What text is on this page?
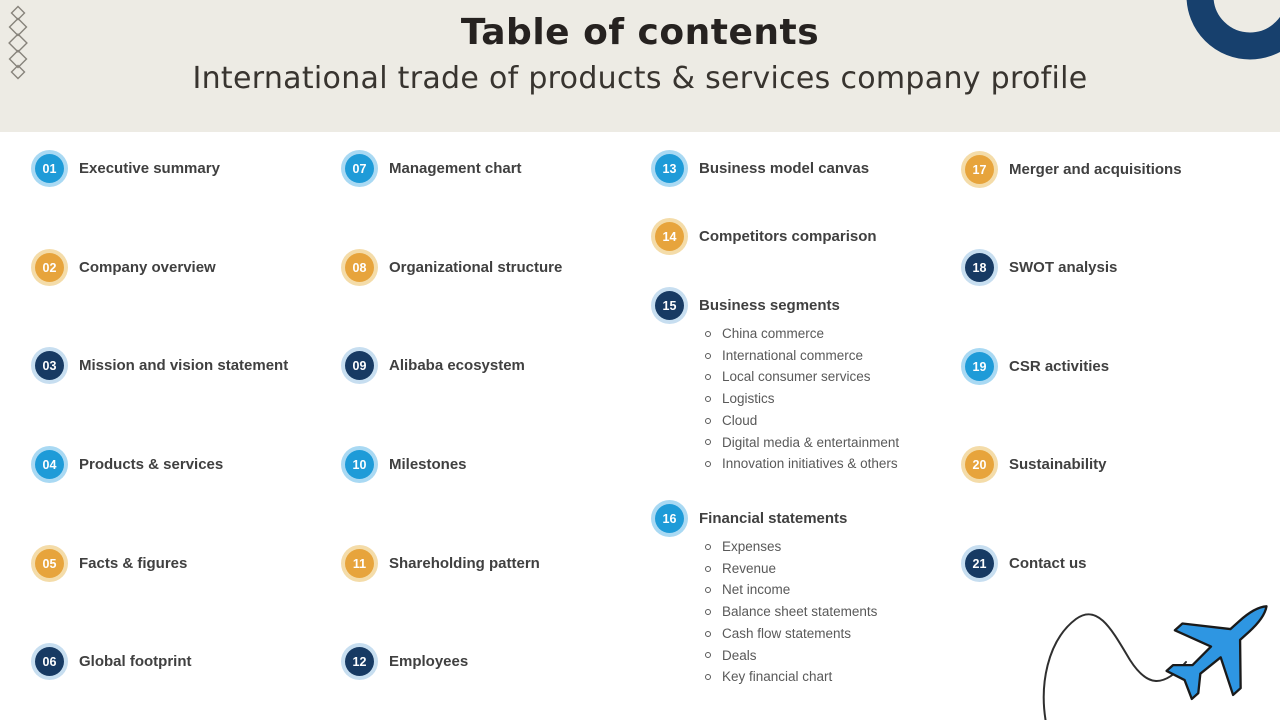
Table of contents
International trade of products & services company profile
01	Executive summary
02	Company overview
03	Mission and vision statement
04	Products & services
05	Facts & figures
06	Global footprint
07	Management chart
08	Organizational structure
09	Alibaba ecosystem
10	Milestones
11	Shareholding pattern
12	Employees
13	Business model canvas
14	Competitors comparison
15	Business segments
China commerce
International commerce
Local consumer services
Logistics
Cloud
Digital media & entertainment
Innovation initiatives & others
16	Financial statements
Expenses
Revenue
Net income
Balance sheet statements
Cash flow statements
Deals
Key financial chart
17	Merger and acquisitions
18	SWOT analysis
19	CSR activities
20	Sustainability
21	Contact us
